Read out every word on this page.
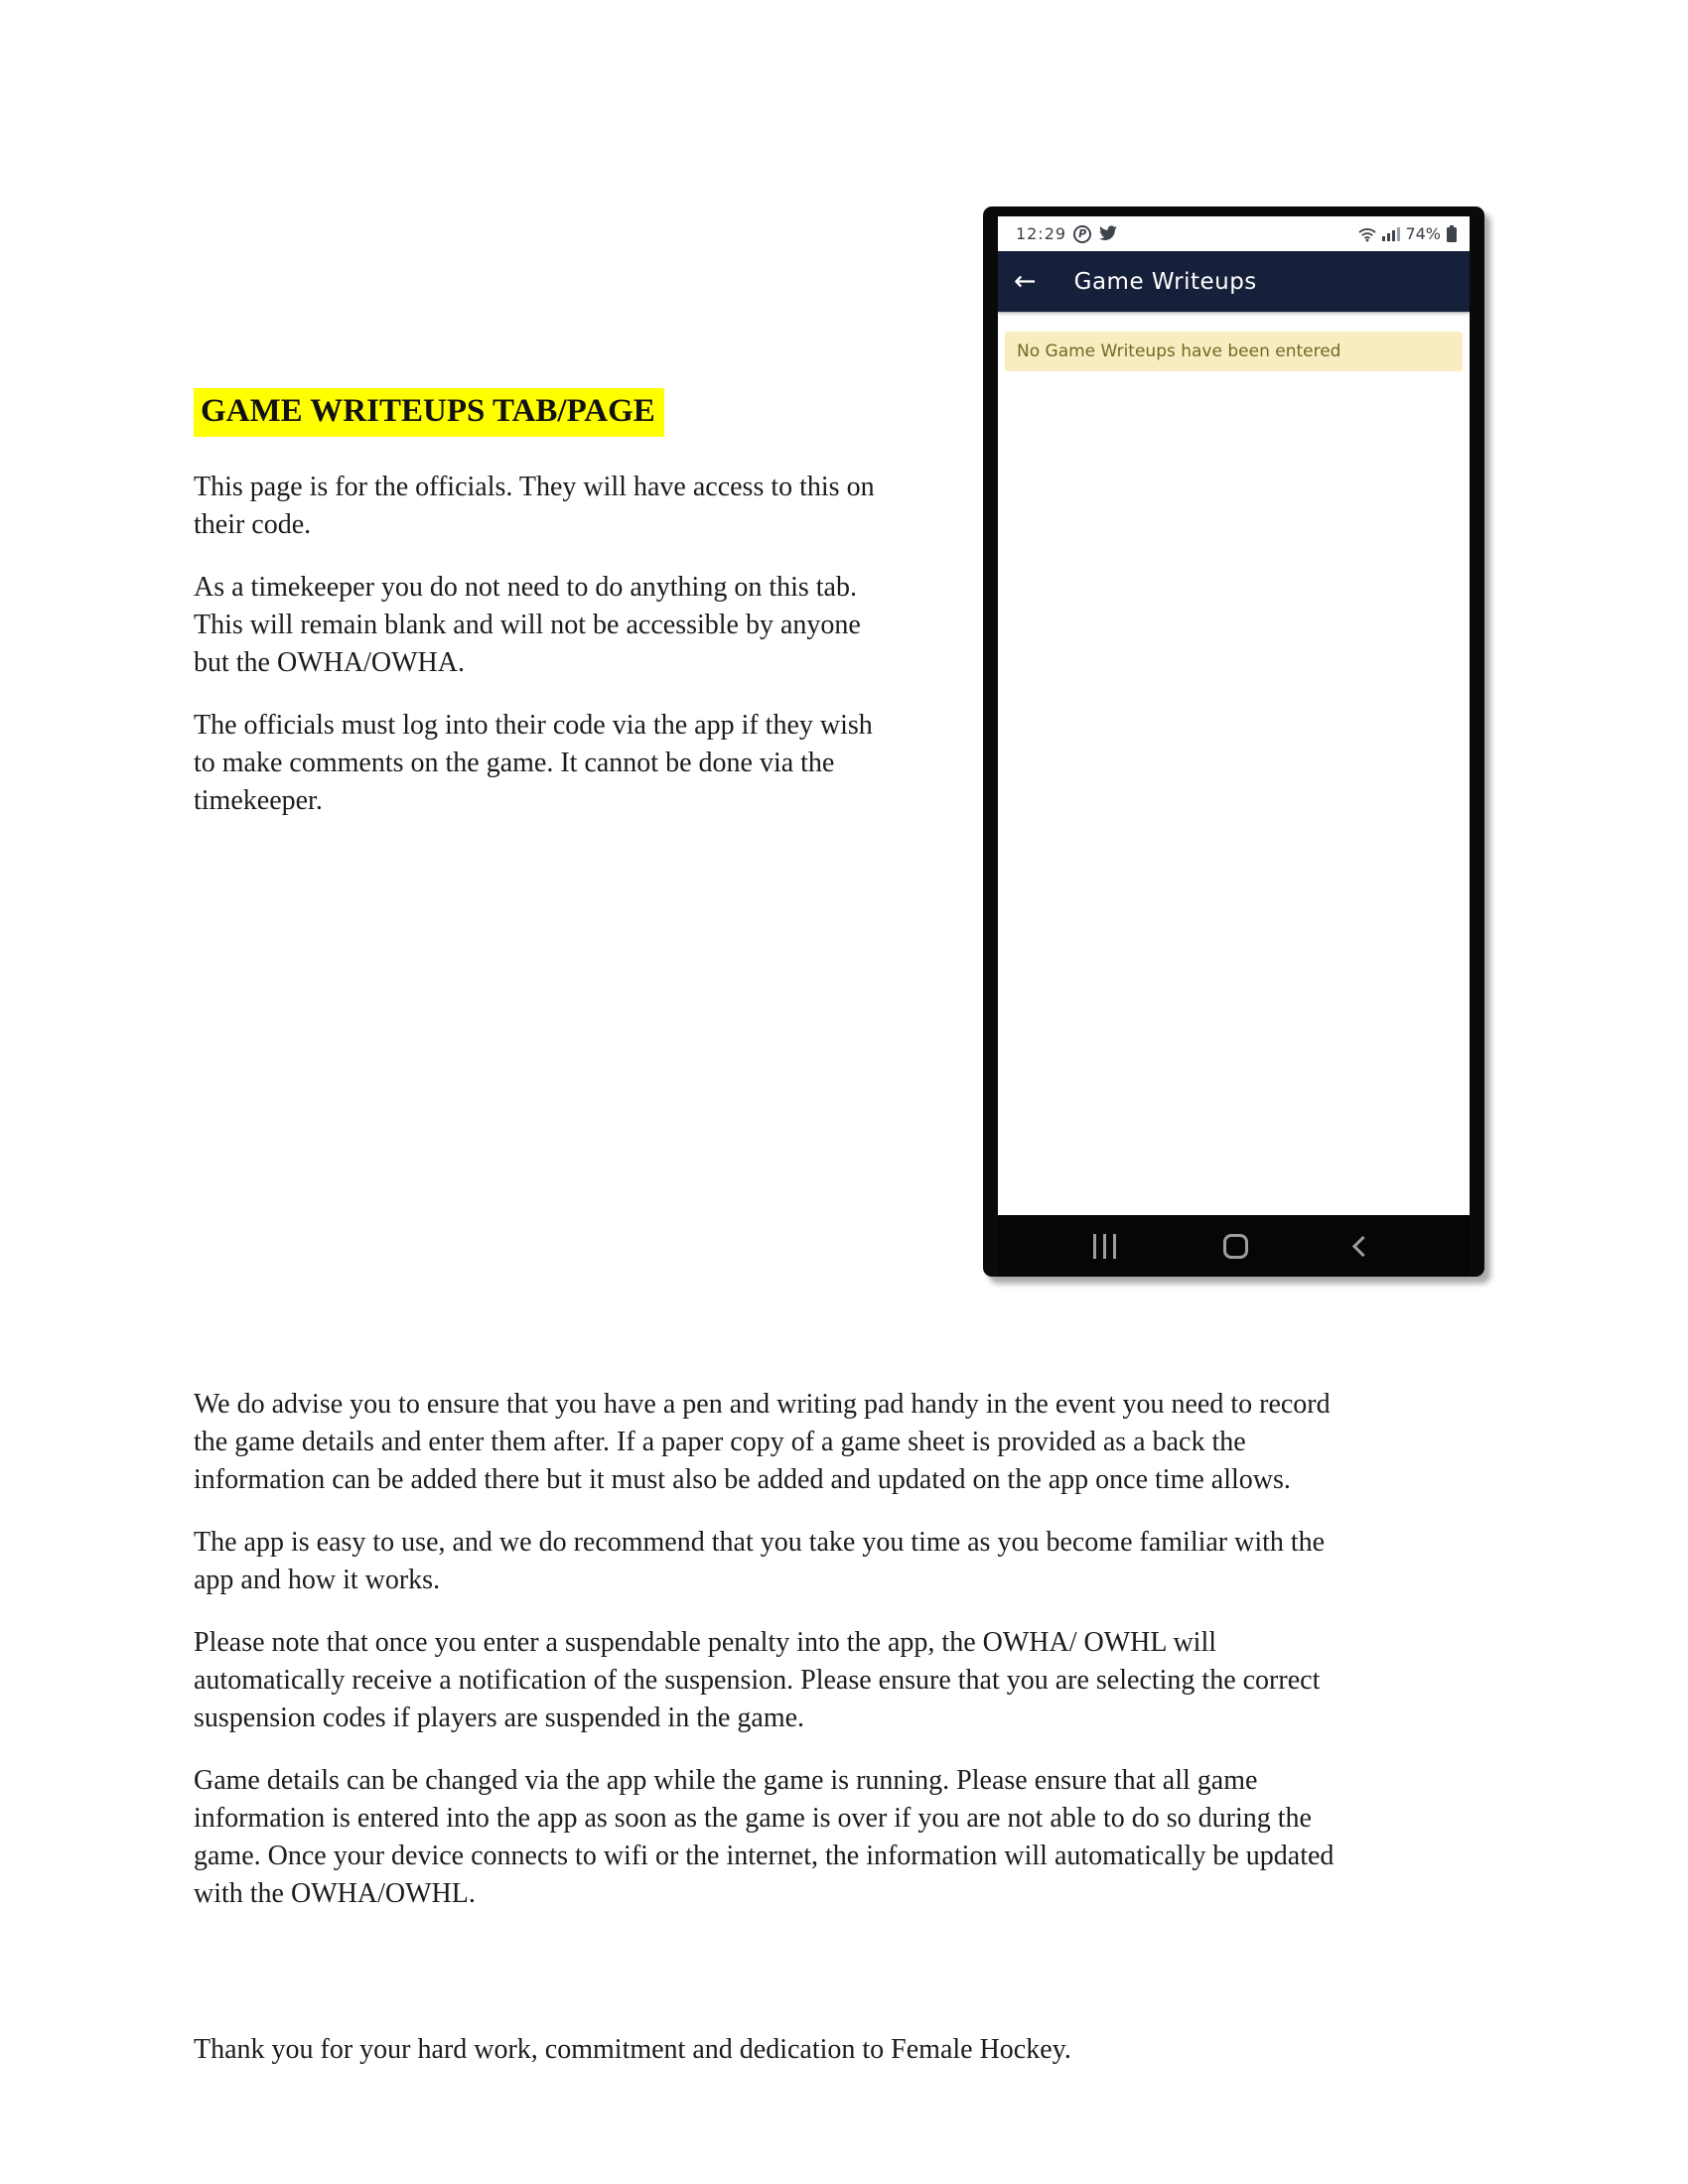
GAME WRITEUPS TAB/PAGE

This page is for the officials. They will have access to this on their code.

As a timekeeper you do not need to do anything on this tab. This will remain blank and will not be accessible by anyone but the OWHA/OWHA.

The officials must log into their code via the app if they wish to make comments on the game. It cannot be done via the timekeeper.

12:29 P	74%
← Game Writeups
No Game Writeups have been entered

We do advise you to ensure that you have a pen and writing pad handy in the event you need to record the game details and enter them after. If a paper copy of a game sheet is provided as a back the information can be added there but it must also be added and updated on the app once time allows.

The app is easy to use, and we do recommend that you take you time as you become familiar with the app and how it works.

Please note that once you enter a suspendable penalty into the app, the OWHA/ OWHL will automatically receive a notification of the suspension. Please ensure that you are selecting the correct suspension codes if players are suspended in the game.

Game details can be changed via the app while the game is running. Please ensure that all game information is entered into the app as soon as the game is over if you are not able to do so during the game. Once your device connects to wifi or the internet, the information will automatically be updated with the OWHA/OWHL.

Thank you for your hard work, commitment and dedication to Female Hockey.
